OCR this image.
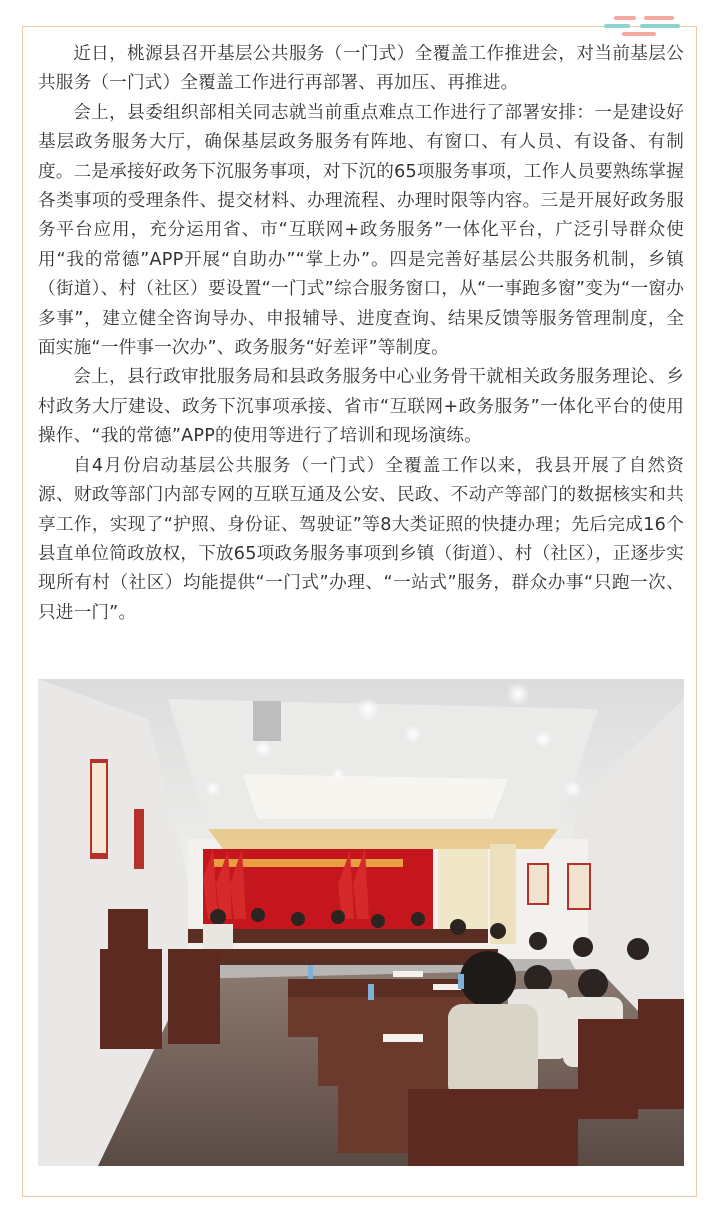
近日，桃源县召开基层公共服务（一门式）全覆盖工作推进会，对当前基层公共服务（一门式）全覆盖工作进行再部署、再加压、再推进。

会上，县委组织部相关同志就当前重点难点工作进行了部署安排：一是建设好基层政务服务大厅，确保基层政务服务有阵地、有窗口、有人员、有设备、有制度。二是承接好政务下沉服务事项，对下沉的65项服务事项，工作人员要熟练掌握各类事项的受理条件、提交材料、办理流程、办理时限等内容。三是开展好政务服务平台应用，充分运用省、市“互联网+政务服务”一体化平台，广泛引导群众使用“我的常德”APP开展“自助办”“掌上办”。四是完善好基层公共服务机制，乡镇（街道）、村（社区）要设置“一门式”综合服务窗口，从“一事跑多窗”变为“一窗办多事”，建立健全咨询导办、申报辅导、进度查询、结果反馈等服务管理制度，全面实施“一件事一次办”、政务服务“好差评”等制度。

会上，县行政审批服务局和县政务服务中心业务骨干就相关政务服务理论、乡村政务大厅建设、政务下沉事项承接、省市“互联网+政务服务”一体化平台的使用操作、“我的常德”APP的使用等进行了培训和现场演练。

自4月份启动基层公共服务（一门式）全覆盖工作以来，我县开展了自然资源、财政等部门内部专网的互联互通及公安、民政、不动产等部门的数据核实和共享工作，实现了“护照、身份证、驾驶证”等8大类证照的快捷办理；先后完成16个县直单位简政放权，下放65项政务服务事项到乡镇（街道）、村（社区），正逐步实现所有村（社区）均能提供“一门式”办理、“一站式”服务，群众办事“只跑一次、只进一门”。
